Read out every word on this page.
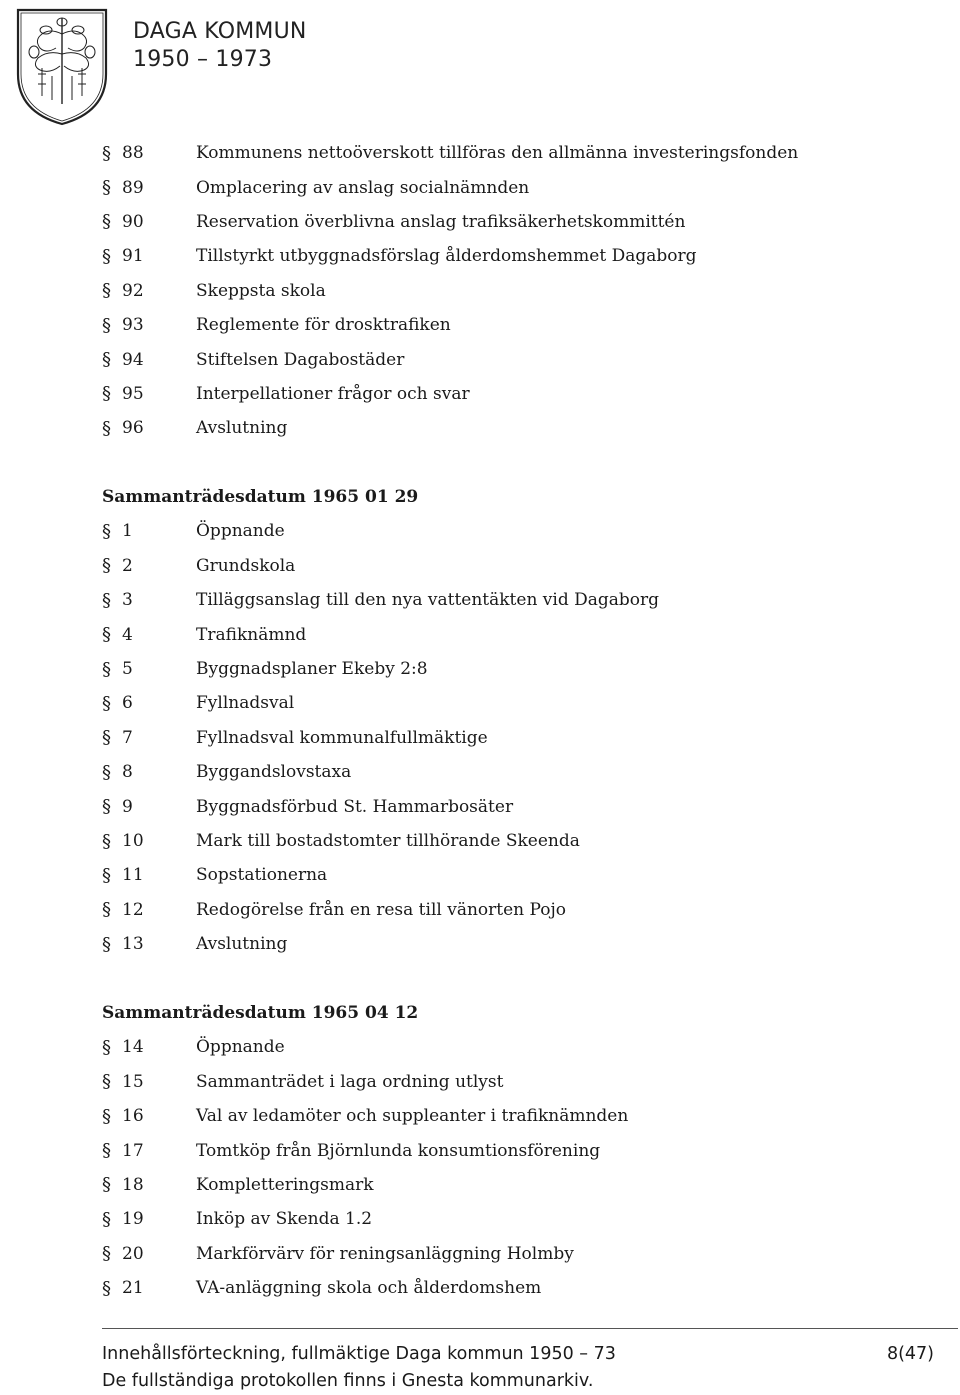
DAGA KOMMUN
1950 – 1973
§ 88	Kommunens nettoöverskott tillföras den allmänna investeringsfonden
§ 89	Omplacering av anslag socialnämnden
§ 90	Reservation överblivna anslag trafiksäkerhetskommittén
§ 91	Tillstyrkt utbyggnadsförslag ålderdomshemmet Dagaborg
§ 92	Skeppsta skola
§ 93	Reglemente för drosktrafiken
§ 94	Stiftelsen Dagabostäder
§ 95	Interpellationer frågor och svar
§ 96	Avslutning
Sammanträdesdatum 1965 01 29
§ 1	Öppnande
§ 2	Grundskola
§ 3	Tilläggsanslag till den nya vattentäkten vid Dagaborg
§ 4	Trafiknämnd
§ 5	Byggnadsplaner Ekeby 2:8
§ 6	Fyllnadsval
§ 7	Fyllnadsval kommunalfullmäktige
§ 8	Byggandslovstaxa
§ 9	Byggnadsförbud St. Hammarbosäter
§ 10	Mark till bostadstomter tillhörande Skeenda
§ 11	Sopstationerna
§ 12	Redogörelse från en resa till vänorten Pojo
§ 13	Avslutning
Sammanträdesdatum 1965 04 12
§ 14	Öppnande
§ 15	Sammanträdet i laga ordning utlyst
§ 16	Val av ledamöter och suppleanter i trafiknämnden
§ 17	Tomtköp från Björnlunda konsumtionsförening
§ 18	Kompletteringsmark
§ 19	Inköp av Skenda 1.2
§ 20	Markförvärv för reningsanläggning Holmby
§ 21	VA-anläggning skola och ålderdomshem
Innehållsförteckning, fullmäktige Daga kommun 1950 – 73	8(47)
De fullständiga protokollen finns i Gnesta kommunarkiv.
